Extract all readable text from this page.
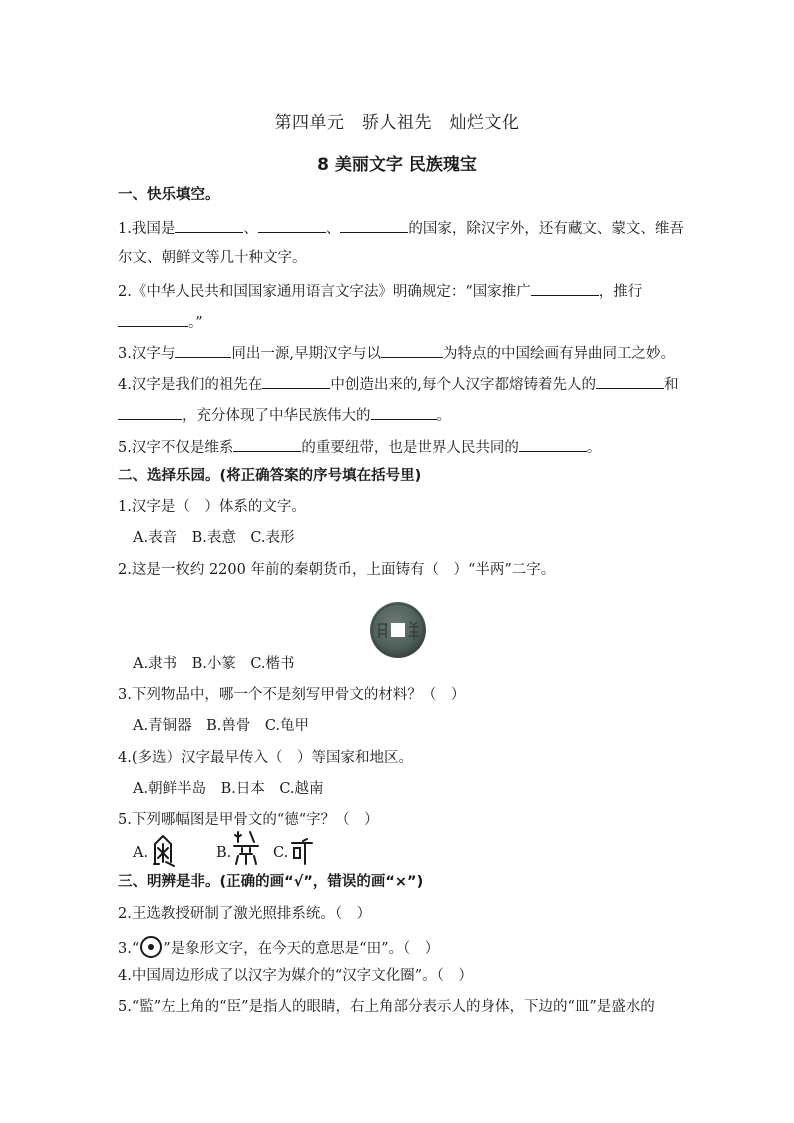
第四单元　骄人祖先　灿烂文化
8 美丽文字 民族瑰宝
一、快乐填空。
1.我国是	、	、	的国家，除汉字外，还有藏文、蒙文、维吾
尔文、朝鲜文等几十种文字。
2.《中华人民共和国国家通用语言文字法》明确规定：“国家推广	，推行
。”
3.汉字与	同出一源,早期汉字与以	为特点的中国绘画有异曲同工之妙。
4.汉字是我们的祖先在	中创造出来的,每个人汉字都熔铸着先人的	和
，充分体现了中华民族伟大的	。
5.汉字不仅是维系	的重要纽带，也是世界人民共同的	。
二、选择乐园。(将正确答案的序号填在括号里)
1.汉字是（　）体系的文字。
A.表音　B.表意　C.表形
2.这是一枚约 2200 年前的秦朝货币，上面铸有（　）“半两”二字。
A.隶书　B.小篆　C.楷书
3.下列物品中，哪一个不是刻写甲骨文的材料？（　）
A.青铜器　B.兽骨　C.龟甲
4.(多选）汉字最早传入（　）等国家和地区。
A.朝鲜半岛　B.日本　C.越南
5.下列哪幅图是甲骨文的“德“字？（　）
A.	B.	C.
三、明辨是非。(正确的画“√”，错误的画“×”)
2.王选教授研制了激光照排系统。（　）
3.“ ”是象形文字，在今天的意思是“田”。（　）
4.中国周边形成了以汉字为媒介的“汉字文化圈”。（　）
5.“監”左上角的“臣”是指人的眼睛，右上角部分表示人的身体，下边的“皿”是盛水的
